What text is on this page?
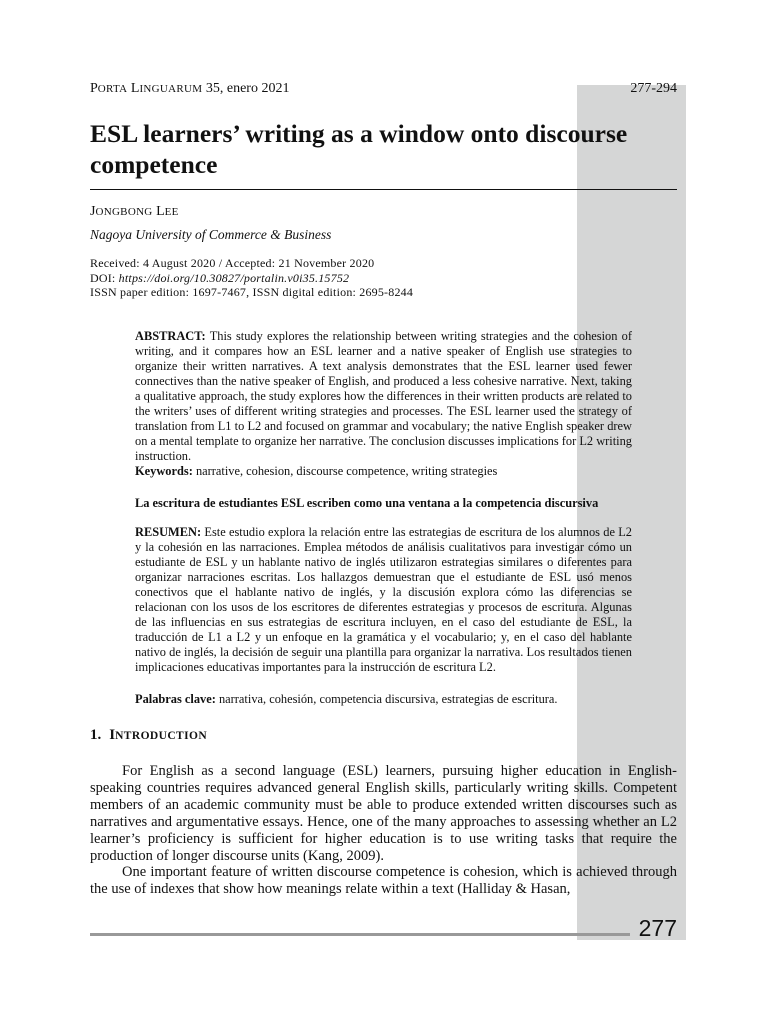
PORTA LINGUARUM 35, enero 2021	277-294
ESL learners’ writing as a window onto discourse competence
JONGBONG LEE
Nagoya University of Commerce & Business
Received: 4 August 2020 / Accepted: 21 November 2020
DOI: https://doi.org/10.30827/portalin.v0i35.15752
ISSN paper edition: 1697-7467, ISSN digital edition: 2695-8244

ABSTRACT: This study explores the relationship between writing strategies and the cohesion of writing, and it compares how an ESL learner and a native speaker of English use strategies to organize their written narratives. A text analysis demonstrates that the ESL learner used fewer connectives than the native speaker of English, and produced a less cohesive narrative. Next, taking a qualitative approach, the study explores how the differences in their written products are related to the writers’ uses of different writing strategies and processes. The ESL learner used the strategy of translation from L1 to L2 and focused on grammar and vocabulary; the native English speaker drew on a mental template to organize her narrative. The conclusion discusses implications for L2 writing instruction.

Keywords: narrative, cohesion, discourse competence, writing strategies

La escritura de estudiantes ESL escriben como una ventana a la competencia discursiva

RESUMEN: Este estudio explora la relación entre las estrategias de escritura de los alumnos de L2 y la cohesión en las narraciones. Emplea métodos de análisis cualitativos para investigar cómo un estudiante de ESL y un hablante nativo de inglés utilizaron estrategias similares o diferentes para organizar narraciones escritas. Los hallazgos demuestran que el estudiante de ESL usó menos conectivos que el hablante nativo de inglés, y la discusión explora cómo las diferencias se relacionan con los usos de los escritores de diferentes estrategias y procesos de escritura. Algunas de las influencias en sus estrategias de escritura incluyen, en el caso del estudiante de ESL, la traducción de L1 a L2 y un enfoque en la gramática y el vocabulario; y, en el caso del hablante nativo de inglés, la decisión de seguir una plantilla para organizar la narrativa. Los resultados tienen implicaciones educativas importantes para la instrucción de escritura L2.

Palabras clave: narrativa, cohesión, competencia discursiva, estrategias de escritura.

1. INTRODUCTION

For English as a second language (ESL) learners, pursuing higher education in English-speaking countries requires advanced general English skills, particularly writing skills. Competent members of an academic community must be able to produce extended written discourses such as narratives and argumentative essays. Hence, one of the many approaches to assessing whether an L2 learner’s proficiency is sufficient for higher education is to use writing tasks that require the production of longer discourse units (Kang, 2009).

One important feature of written discourse competence is cohesion, which is achieved through the use of indexes that show how meanings relate within a text (Halliday & Hasan,

277
